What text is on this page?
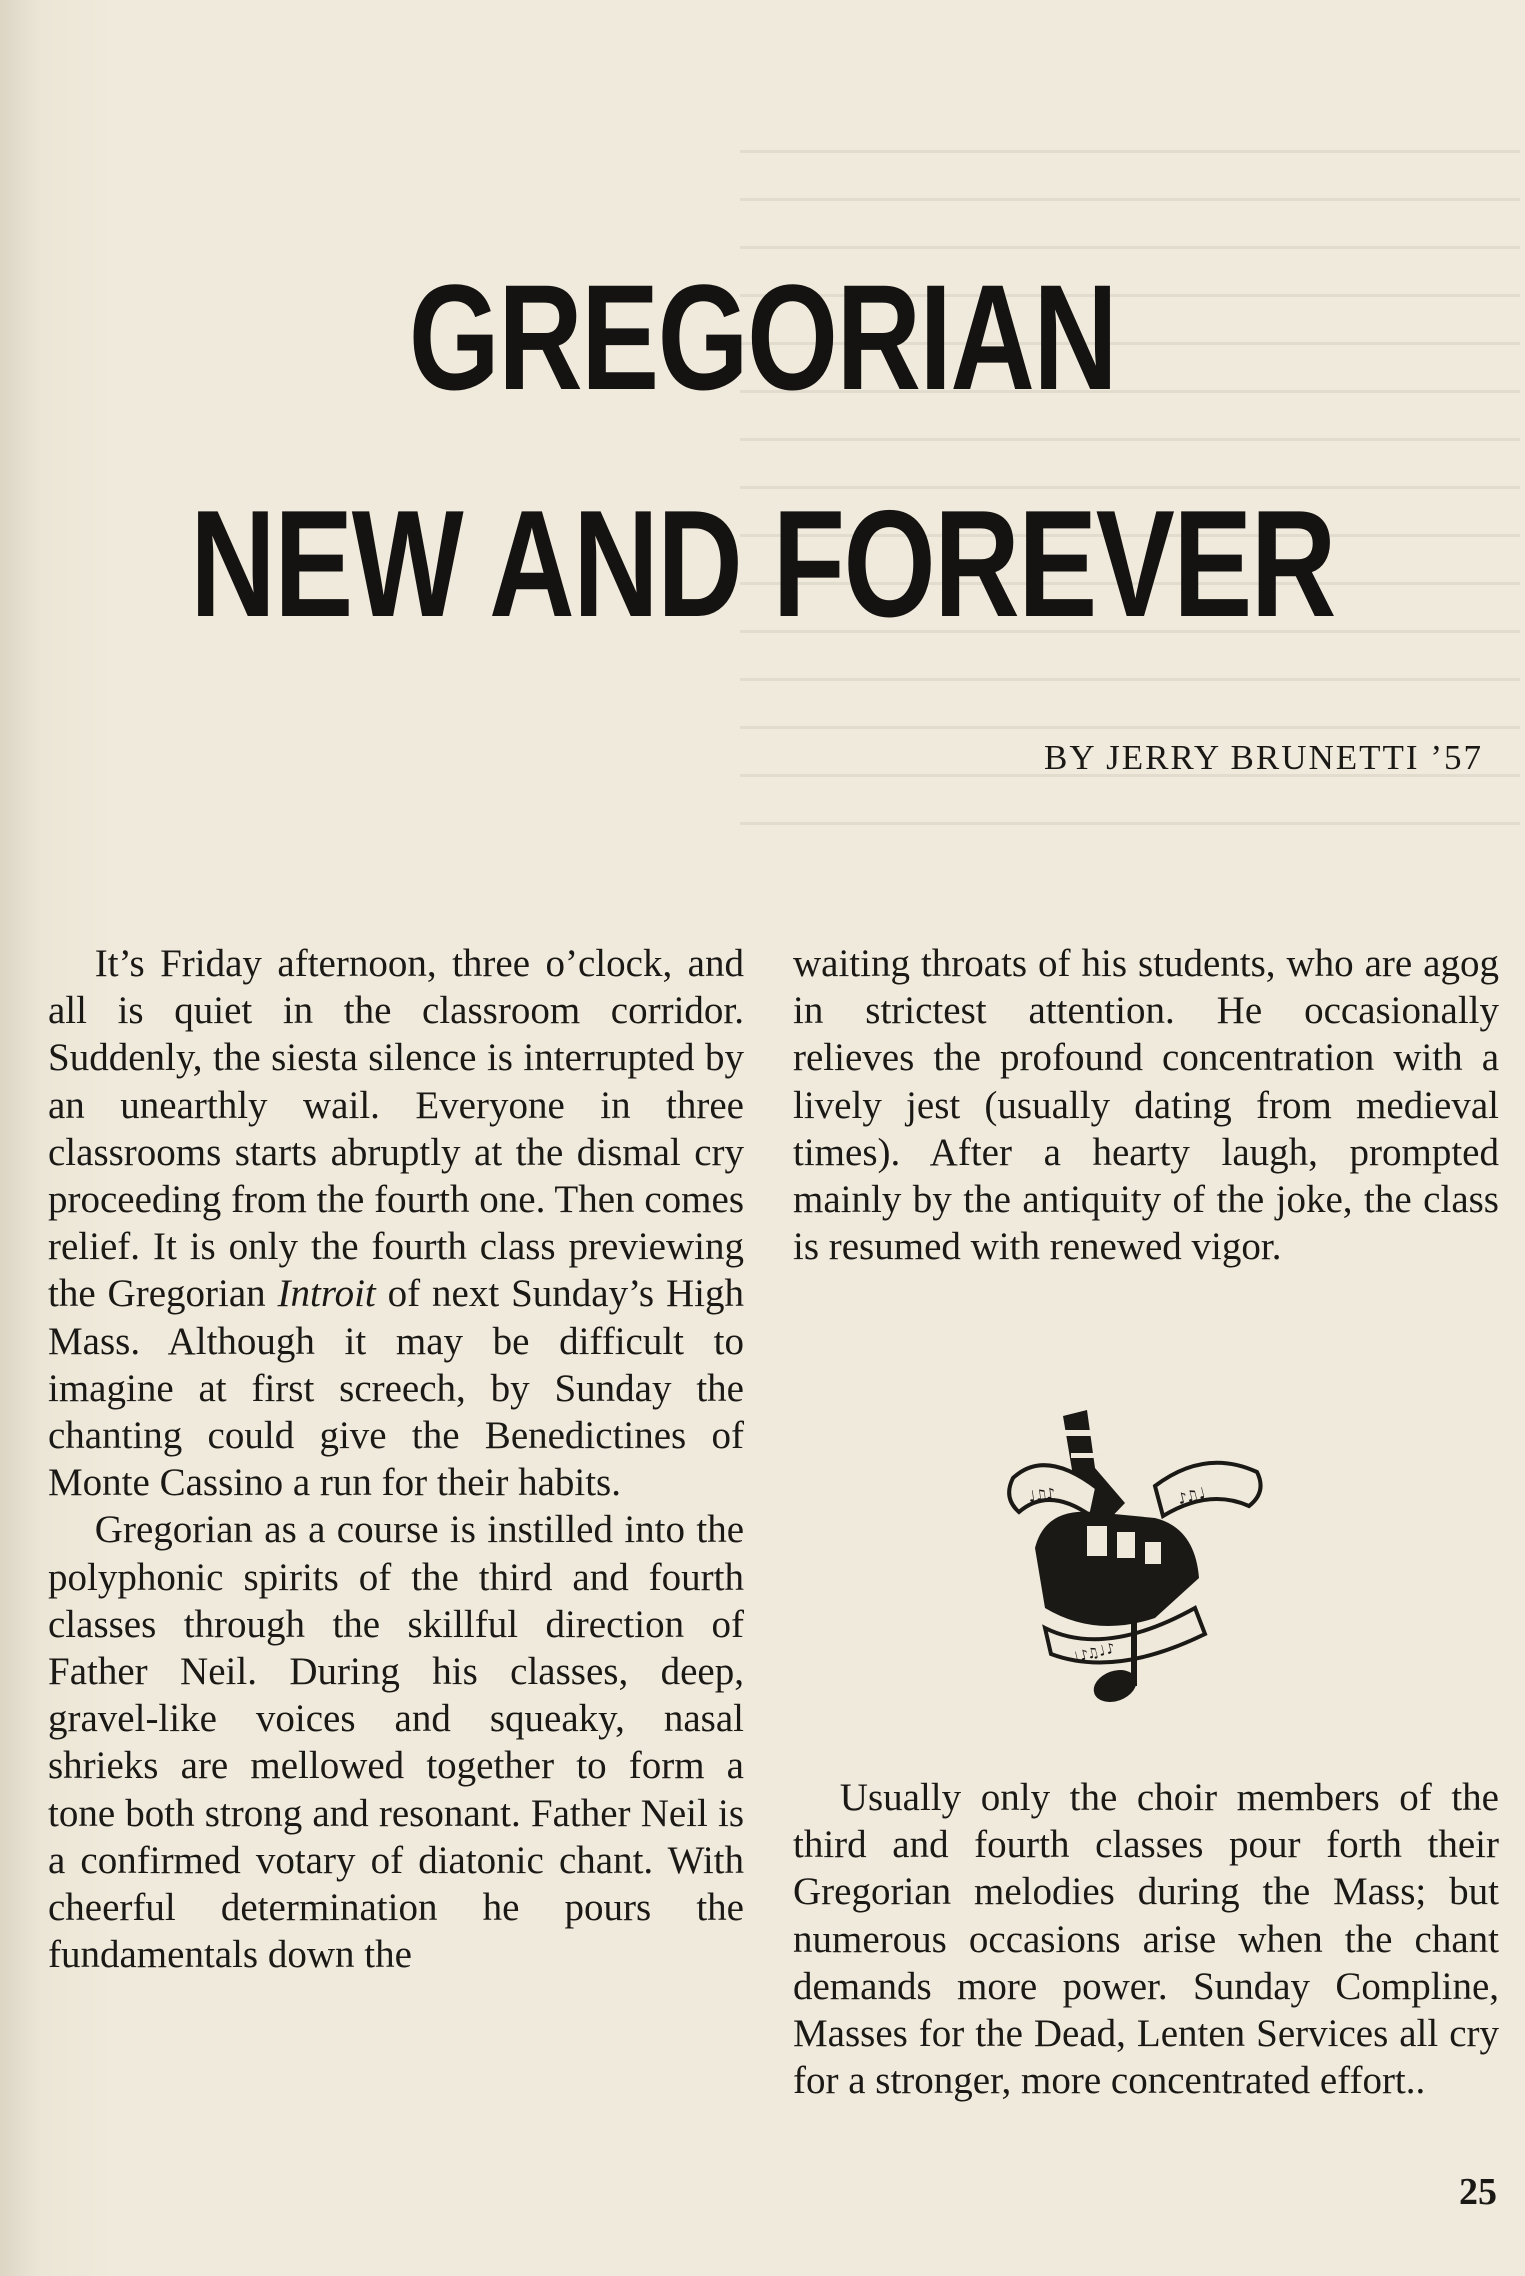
GREGORIAN
NEW AND FOREVER
BY JERRY BRUNETTI ’57

It’s Friday afternoon, three o’clock, and all is quiet in the classroom corridor. Suddenly, the siesta silence is interrupted by an unearthly wail. Everyone in three classrooms starts abruptly at the dismal cry proceeding from the fourth one. Then comes relief. It is only the fourth class previewing the Gregorian Introit of next Sunday’s High Mass. Although it may be difficult to imagine at first screech, by Sunday the chanting could give the Benedictines of Monte Cassino a run for their habits.

Gregorian as a course is instilled into the polyphonic spirits of the third and fourth classes through the skillful direction of Father Neil. During his classes, deep, gravel-like voices and squeaky, nasal shrieks are mellowed together to form a tone both strong and resonant. Father Neil is a confirmed votary of diatonic chant. With cheerful determination he pours the fundamentals down the

waiting throats of his students, who are agog in strictest attention. He occasionally relieves the profound concentration with a lively jest (usually dating from medieval times). After a hearty laugh, prompted mainly by the antiquity of the joke, the class is resumed with renewed vigor.

♩♫♪	♪♫♩
♩♪♫♩♪

Usually only the choir members of the third and fourth classes pour forth their Gregorian melodies during the Mass; but numerous occasions arise when the chant demands more power. Sunday Compline, Masses for the Dead, Lenten Services all cry for a stronger, more concentrated effort..

25
